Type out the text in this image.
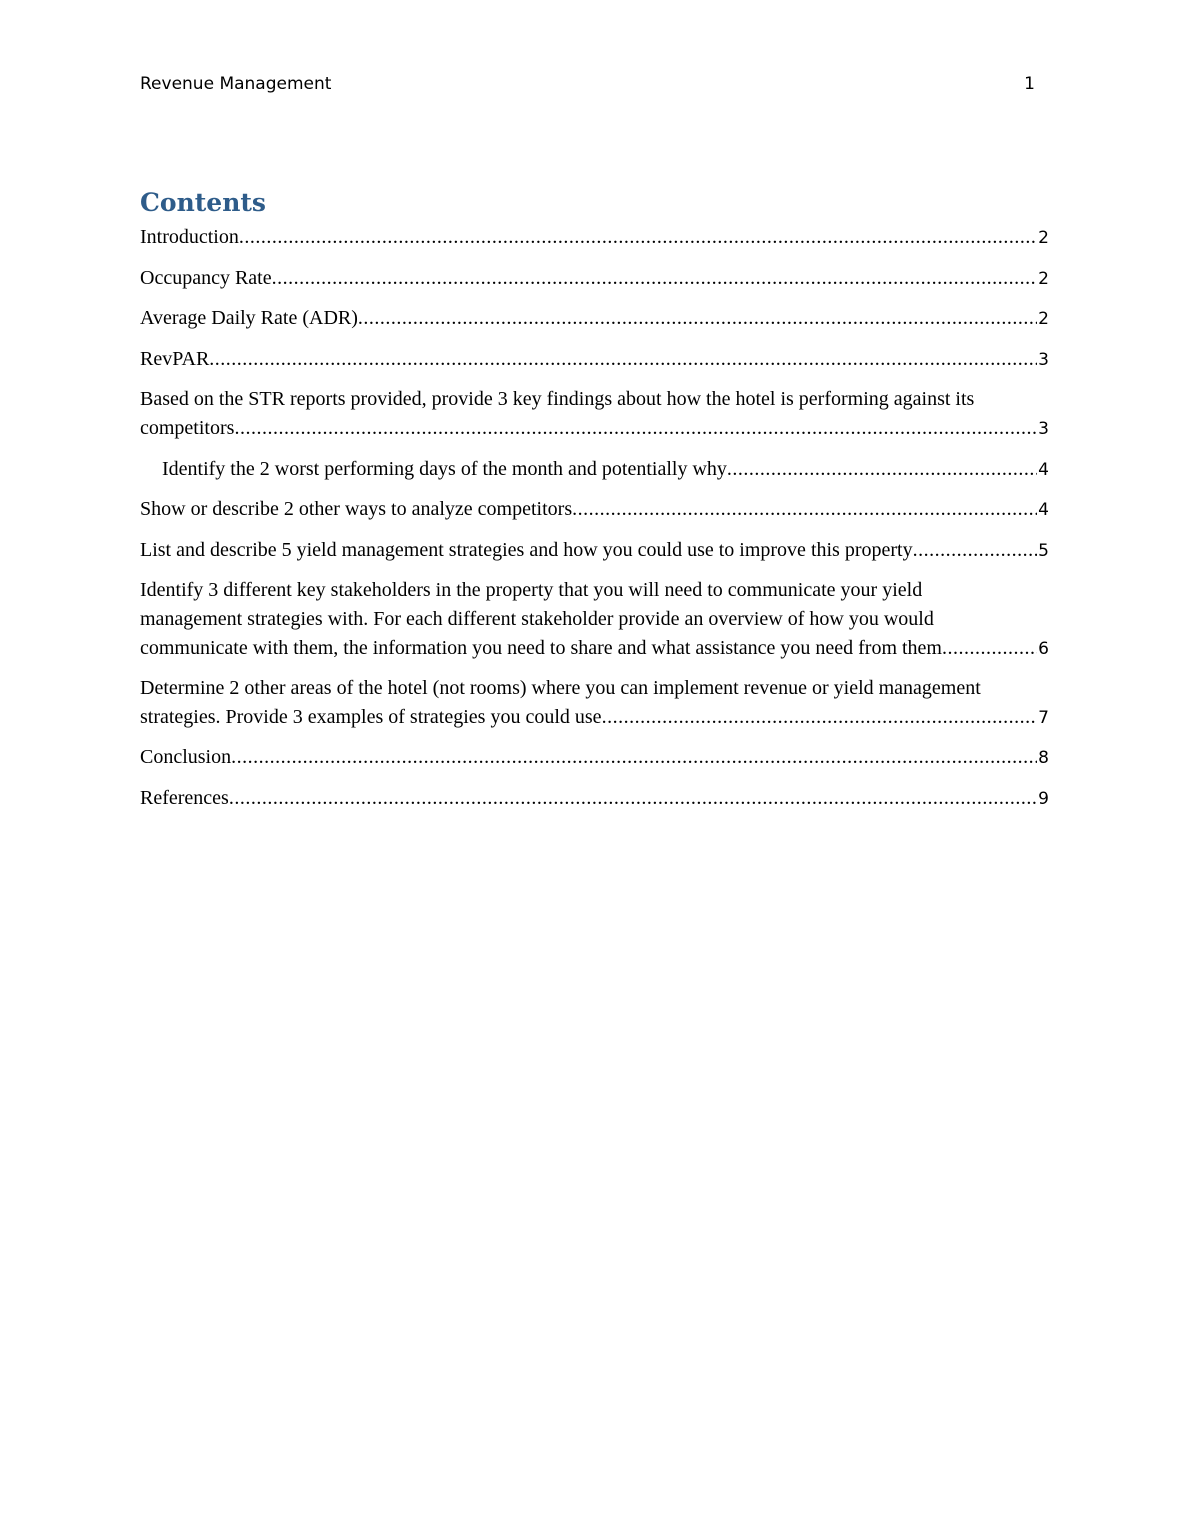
Revenue Management	1
Contents
Introduction .....	2
Occupancy Rate .....	2
Average Daily Rate (ADR) .....	2
RevPAR .....	3
Based on the STR reports provided, provide 3 key findings about how the hotel is performing against its
competitors .....	3
Identify the 2 worst performing days of the month and potentially why .....	4
Show or describe 2 other ways to analyze competitors .....	4
List and describe 5 yield management strategies and how you could use to improve this property .....	5
Identify 3 different key stakeholders in the property that you will need to communicate your yield
management strategies with. For each different stakeholder provide an overview of how you would
communicate with them, the information you need to share and what assistance you need from them .....	6
Determine 2 other areas of the hotel (not rooms) where you can implement revenue or yield management
strategies. Provide 3 examples of strategies you could use .....	7
Conclusion .....	8
References .....	9
